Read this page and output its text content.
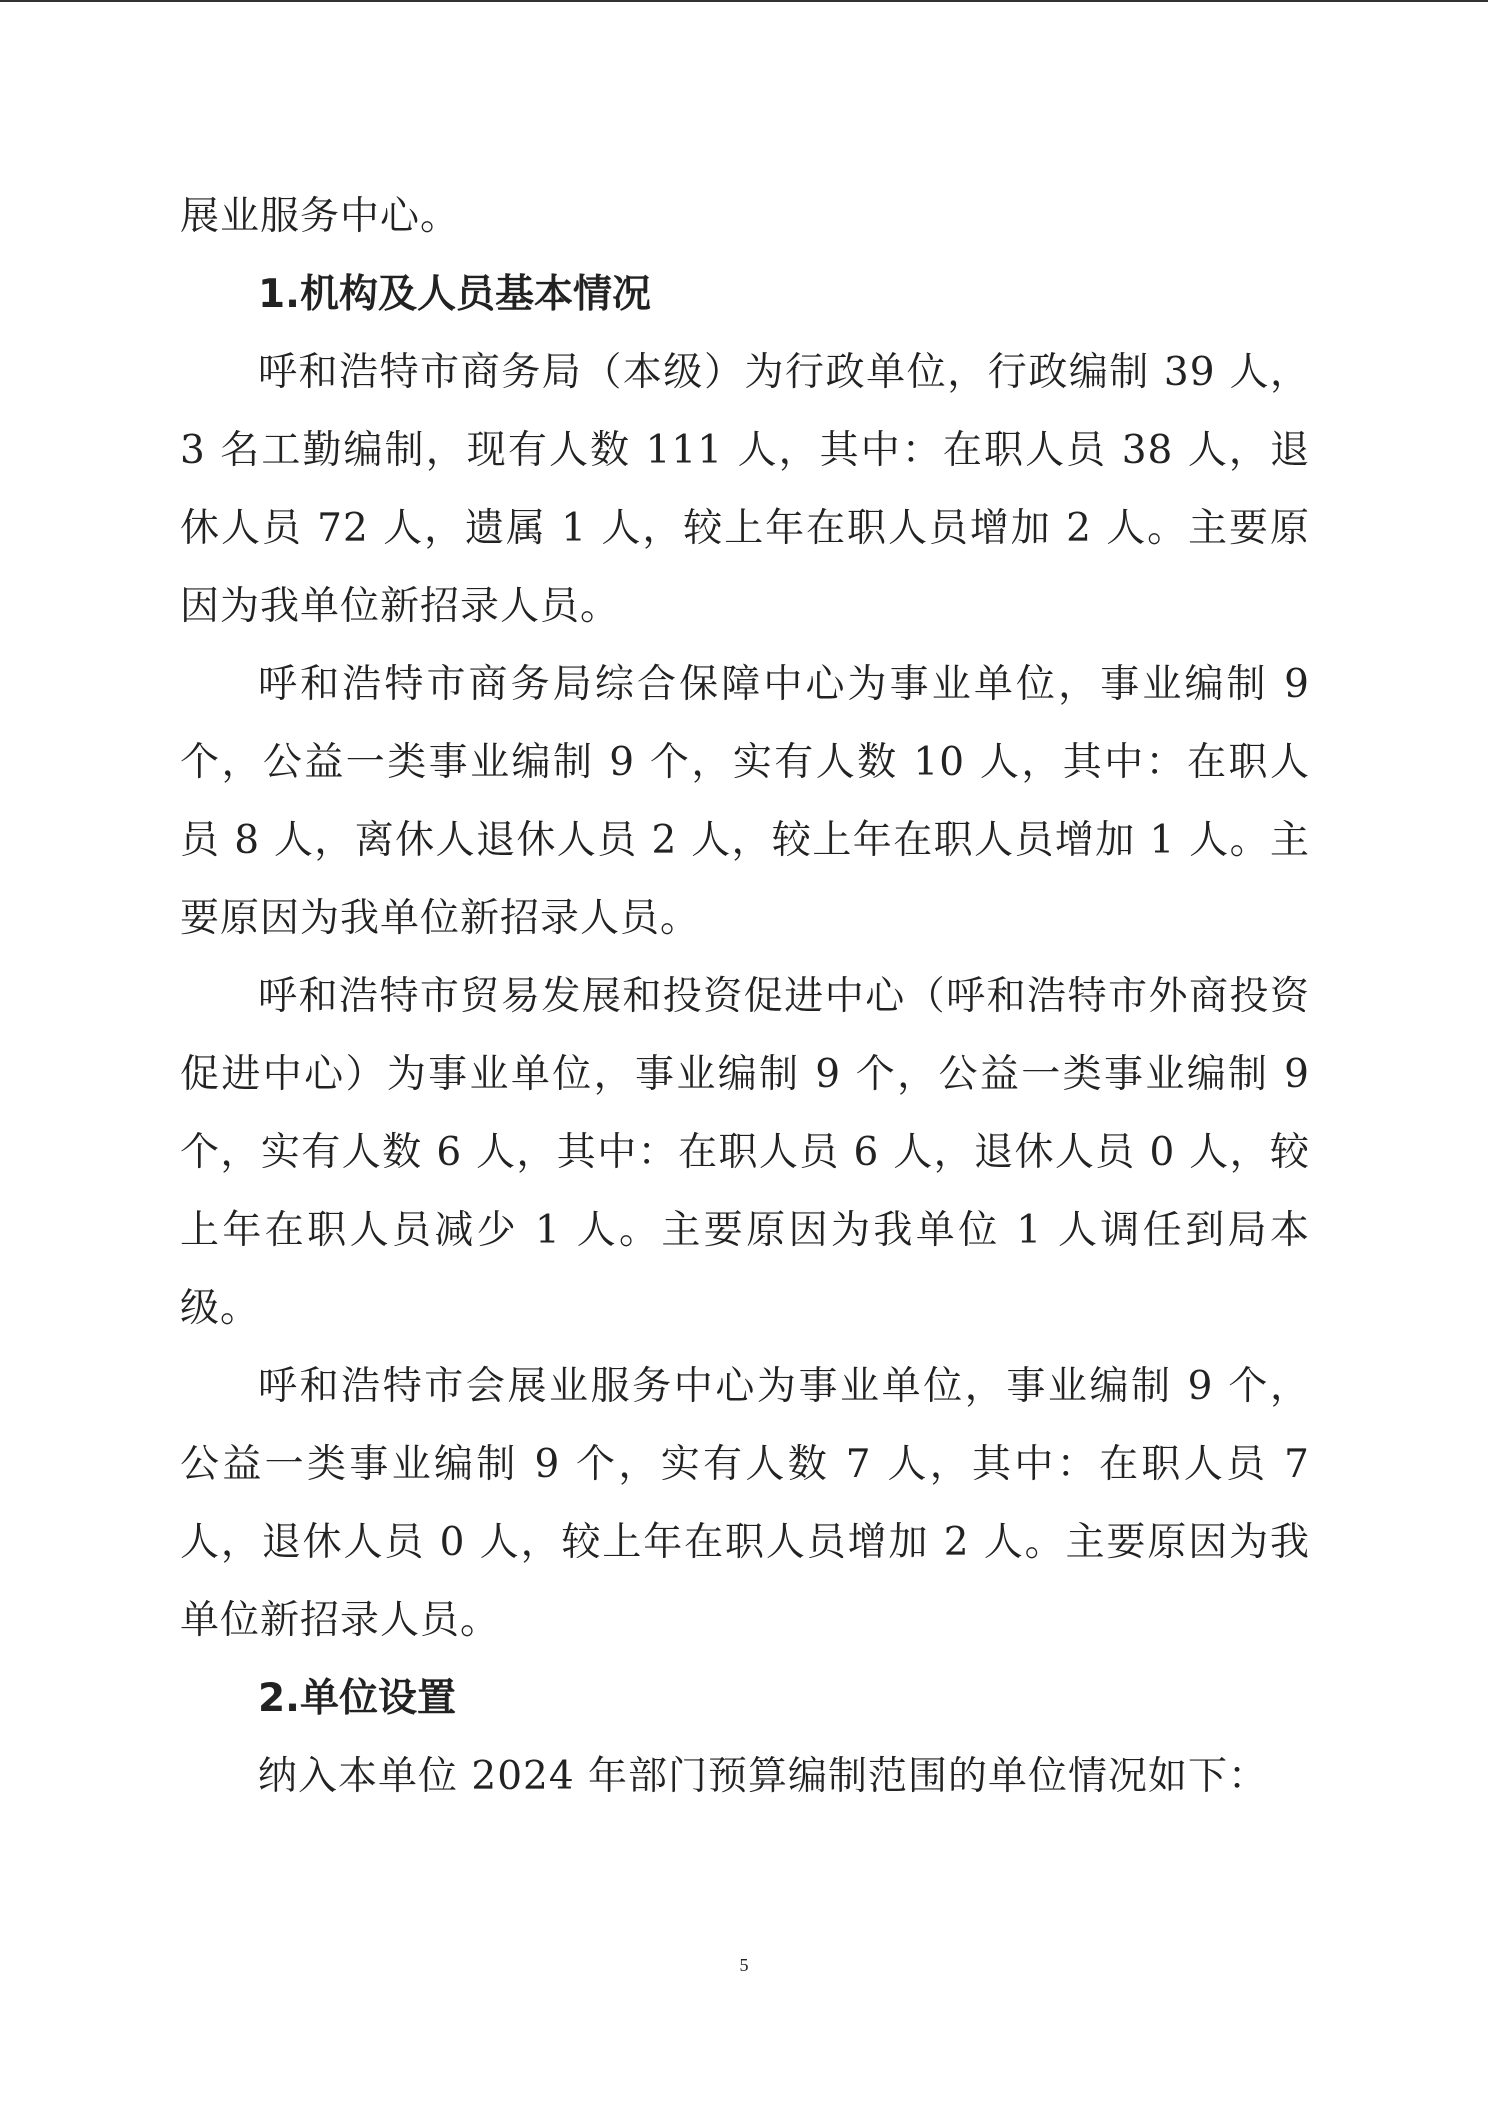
展业服务中心。

1.机构及人员基本情况

呼和浩特市商务局（本级）为行政单位，行政编制 39 人，3 名工勤编制，现有人数 111 人，其中：在职人员 38 人，退休人员 72 人，遗属 1 人，较上年在职人员增加 2 人。主要原因为我单位新招录人员。

呼和浩特市商务局综合保障中心为事业单位，事业编制 9 个，公益一类事业编制 9 个，实有人数 10 人，其中：在职人员 8 人，离休人退休人员 2 人，较上年在职人员增加 1 人。主要原因为我单位新招录人员。

呼和浩特市贸易发展和投资促进中心（呼和浩特市外商投资促进中心）为事业单位，事业编制 9 个，公益一类事业编制 9 个，实有人数 6 人，其中：在职人员 6 人，退休人员 0 人，较上年在职人员减少 1 人。主要原因为我单位 1 人调任到局本级。

呼和浩特市会展业服务中心为事业单位，事业编制 9 个，公益一类事业编制 9 个，实有人数 7 人，其中：在职人员 7 人，退休人员 0 人，较上年在职人员增加 2 人。主要原因为我单位新招录人员。

2.单位设置

纳入本单位 2024 年部门预算编制范围的单位情况如下：

5
